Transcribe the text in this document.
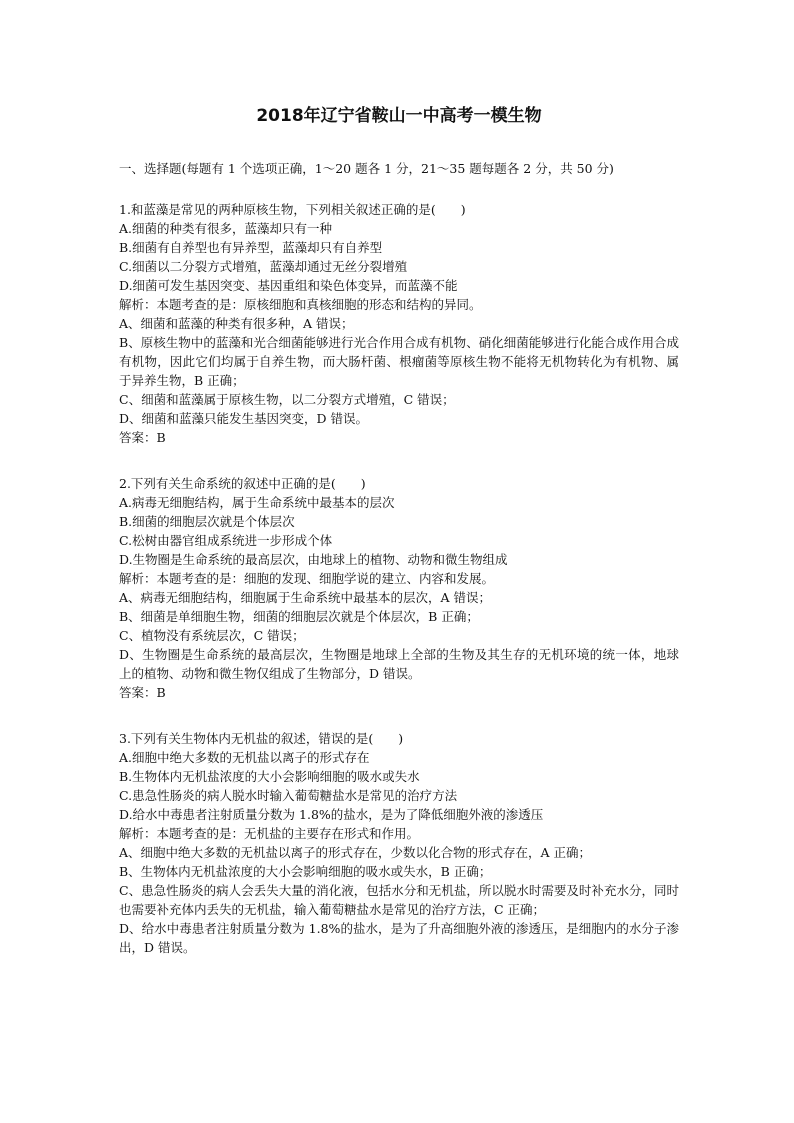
2018年辽宁省鞍山一中高考一模生物
一、选择题(每题有 1 个选项正确，1～20 题各 1 分，21～35 题每题各 2 分，共 50 分)

1.和蓝藻是常见的两种原核生物，下列相关叙述正确的是(　　)

A.细菌的种类有很多，蓝藻却只有一种

B.细菌有自养型也有异养型，蓝藻却只有自养型

C.细菌以二分裂方式增殖，蓝藻却通过无丝分裂增殖

D.细菌可发生基因突变、基因重组和染色体变异，而蓝藻不能

解析：本题考查的是：原核细胞和真核细胞的形态和结构的异同。

A、细菌和蓝藻的种类有很多种，A 错误；

B、原核生物中的蓝藻和光合细菌能够进行光合作用合成有机物、硝化细菌能够进行化能合成作用合成有机物，因此它们均属于自养生物，而大肠杆菌、根瘤菌等原核生物不能将无机物转化为有机物、属于异养生物，B 正确；

C、细菌和蓝藻属于原核生物，以二分裂方式增殖，C 错误；

D、细菌和蓝藻只能发生基因突变，D 错误。

答案：B

2.下列有关生命系统的叙述中正确的是(　　)

A.病毒无细胞结构，属于生命系统中最基本的层次

B.细菌的细胞层次就是个体层次

C.松树由器官组成系统进一步形成个体

D.生物圈是生命系统的最高层次，由地球上的植物、动物和微生物组成

解析：本题考查的是：细胞的发现、细胞学说的建立、内容和发展。

A、病毒无细胞结构，细胞属于生命系统中最基本的层次，A 错误；

B、细菌是单细胞生物，细菌的细胞层次就是个体层次，B 正确；

C、植物没有系统层次，C 错误；

D、生物圈是生命系统的最高层次，生物圈是地球上全部的生物及其生存的无机环境的统一体，地球上的植物、动物和微生物仅组成了生物部分，D 错误。

答案：B

3.下列有关生物体内无机盐的叙述，错误的是(　　)

A.细胞中绝大多数的无机盐以离子的形式存在

B.生物体内无机盐浓度的大小会影响细胞的吸水或失水

C.患急性肠炎的病人脱水时输入葡萄糖盐水是常见的治疗方法

D.给水中毒患者注射质量分数为 1.8%的盐水，是为了降低细胞外液的渗透压

解析：本题考查的是：无机盐的主要存在形式和作用。

A、细胞中绝大多数的无机盐以离子的形式存在，少数以化合物的形式存在，A 正确；

B、生物体内无机盐浓度的大小会影响细胞的吸水或失水，B 正确；

C、患急性肠炎的病人会丢失大量的消化液，包括水分和无机盐，所以脱水时需要及时补充水分，同时也需要补充体内丢失的无机盐，输入葡萄糖盐水是常见的治疗方法，C 正确；

D、给水中毒患者注射质量分数为 1.8%的盐水，是为了升高细胞外液的渗透压，是细胞内的水分子渗出，D 错误。
